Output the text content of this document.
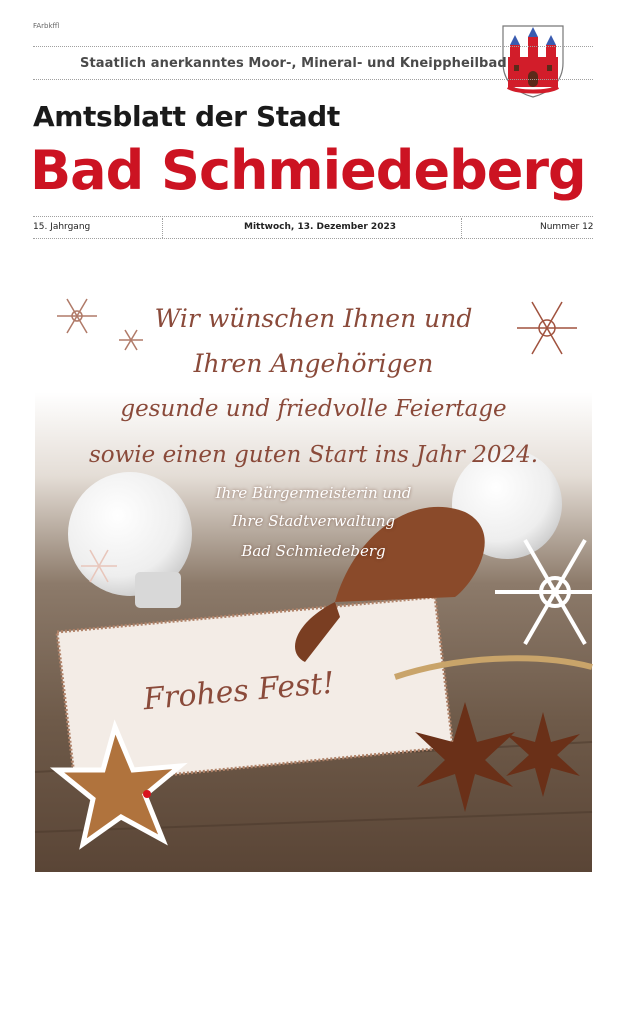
FArbkffl
Staatlich anerkanntes Moor-, Mineral- und Kneippheilbad
Amtsblatt der Stadt
Bad Schmiedeberg
15. Jahrgang	Mittwoch, 13. Dezember 2023	Nummer 12
Wir wünschen Ihnen und
Ihren Angehörigen
gesunde und friedvolle Feiertage
sowie einen guten Start ins Jahr 2024.
Ihre Bürgermeisterin und
Ihre Stadtverwaltung
Bad Schmiedeberg
Frohes Fest!
Foto: Bella-Artworks - Fotolia
